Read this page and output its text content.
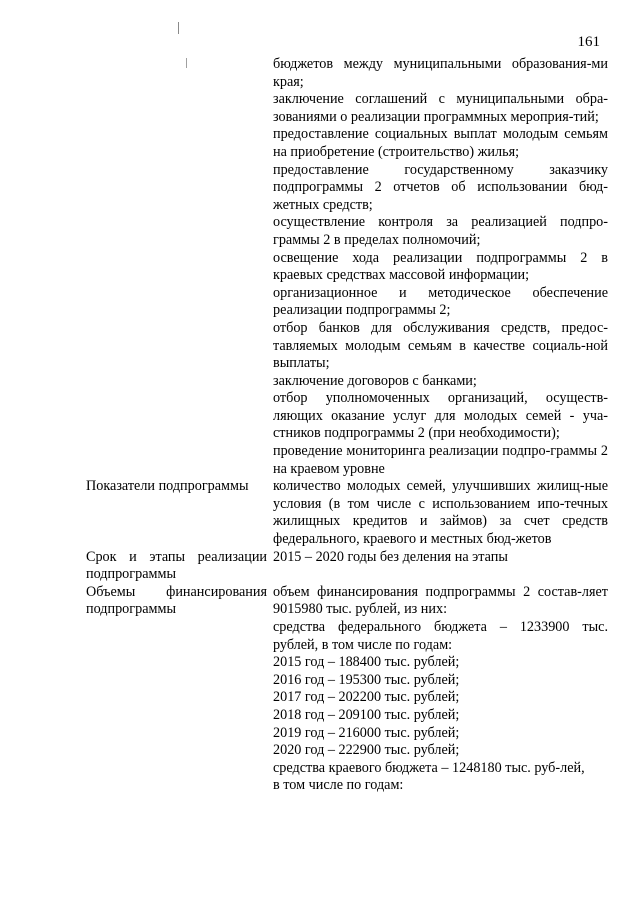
161

бюджетов между муниципальными образования-ми края;

заключение соглашений с муниципальными обра-зованиями о реализации программных мероприя-тий;

предоставление социальных выплат молодым семьям на приобретение (строительство) жилья;

предоставление государственному заказчику подпрограммы 2 отчетов об использовании бюд-жетных средств;

осуществление контроля за реализацией подпро-граммы 2 в пределах полномочий;

освещение хода реализации подпрограммы 2 в краевых средствах массовой информации;

организационное и методическое обеспечение реализации подпрограммы 2;

отбор банков для обслуживания средств, предос-тавляемых молодым семьям в качестве социаль-ной выплаты;

заключение договоров с банками;

отбор уполномоченных организаций, осуществ-ляющих оказание услуг для молодых семей - уча-стников подпрограммы 2 (при необходимости);

проведение мониторинга реализации подпро-граммы 2 на краевом уровне

Показатели подпрограммы	количество молодых семей, улучшивших жилищ-ные условия (в том числе с использованием ипо-течных жилищных кредитов и займов) за счет средств федерального, краевого и местных бюд-жетов

Срок и этапы реализации подпрограммы

2015 – 2020 годы без деления на этапы

Объемы финансирования подпрограммы

объем финансирования подпрограммы 2 состав-ляет 9015980 тыс. рублей, из них:

средства федерального бюджета – 1233900 тыс. рублей, в том числе по годам:

2015 год – 188400 тыс. рублей;

2016 год – 195300 тыс. рублей;

2017 год – 202200 тыс. рублей;

2018 год – 209100 тыс. рублей;

2019 год – 216000 тыс. рублей;

2020 год – 222900 тыс. рублей;

средства краевого бюджета – 1248180 тыс. руб-лей,

в том числе по годам:
